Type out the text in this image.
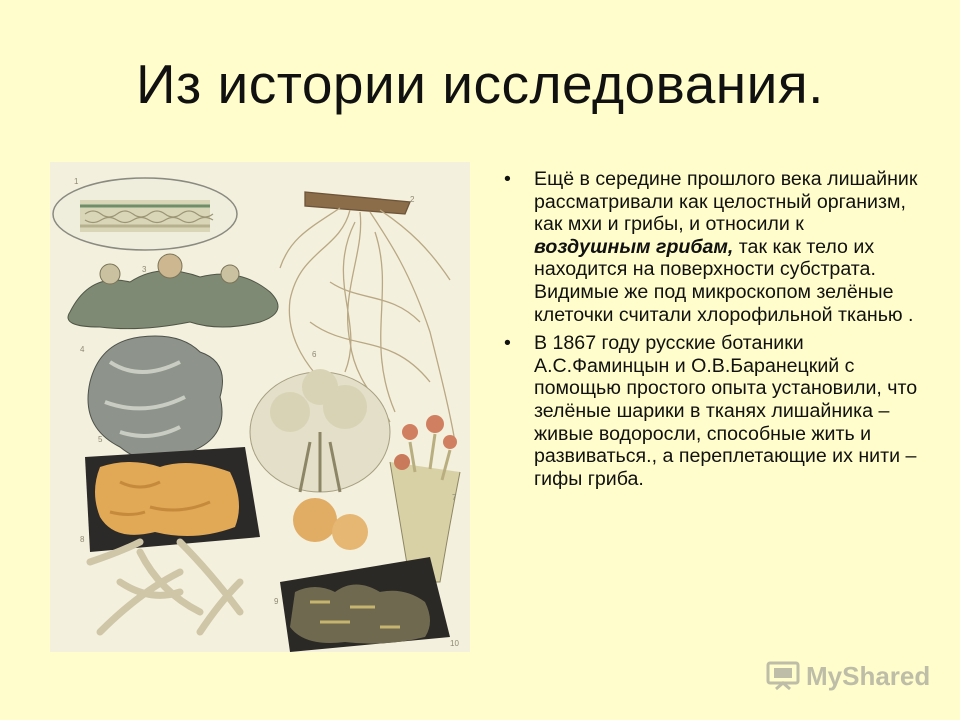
Из истории исследования.
1
2
3
4
5
6
7
8
9
10
• Ещё в середине прошлого века лишайник рассматривали как целостный организм, как мхи и грибы, и относили к воздушным грибам, так как тело их находится на поверхности субстрата. Видимые же под микроскопом зелёные клеточки считали хлорофильной тканью .
• В 1867 году русские ботаники А.С.Фаминцын и О.В.Баранецкий с помощью простого опыта установили, что зелёные шарики в тканях лишайника – живые водоросли, способные жить и развиваться., а переплетающие их нити – гифы гриба.
MyShared
